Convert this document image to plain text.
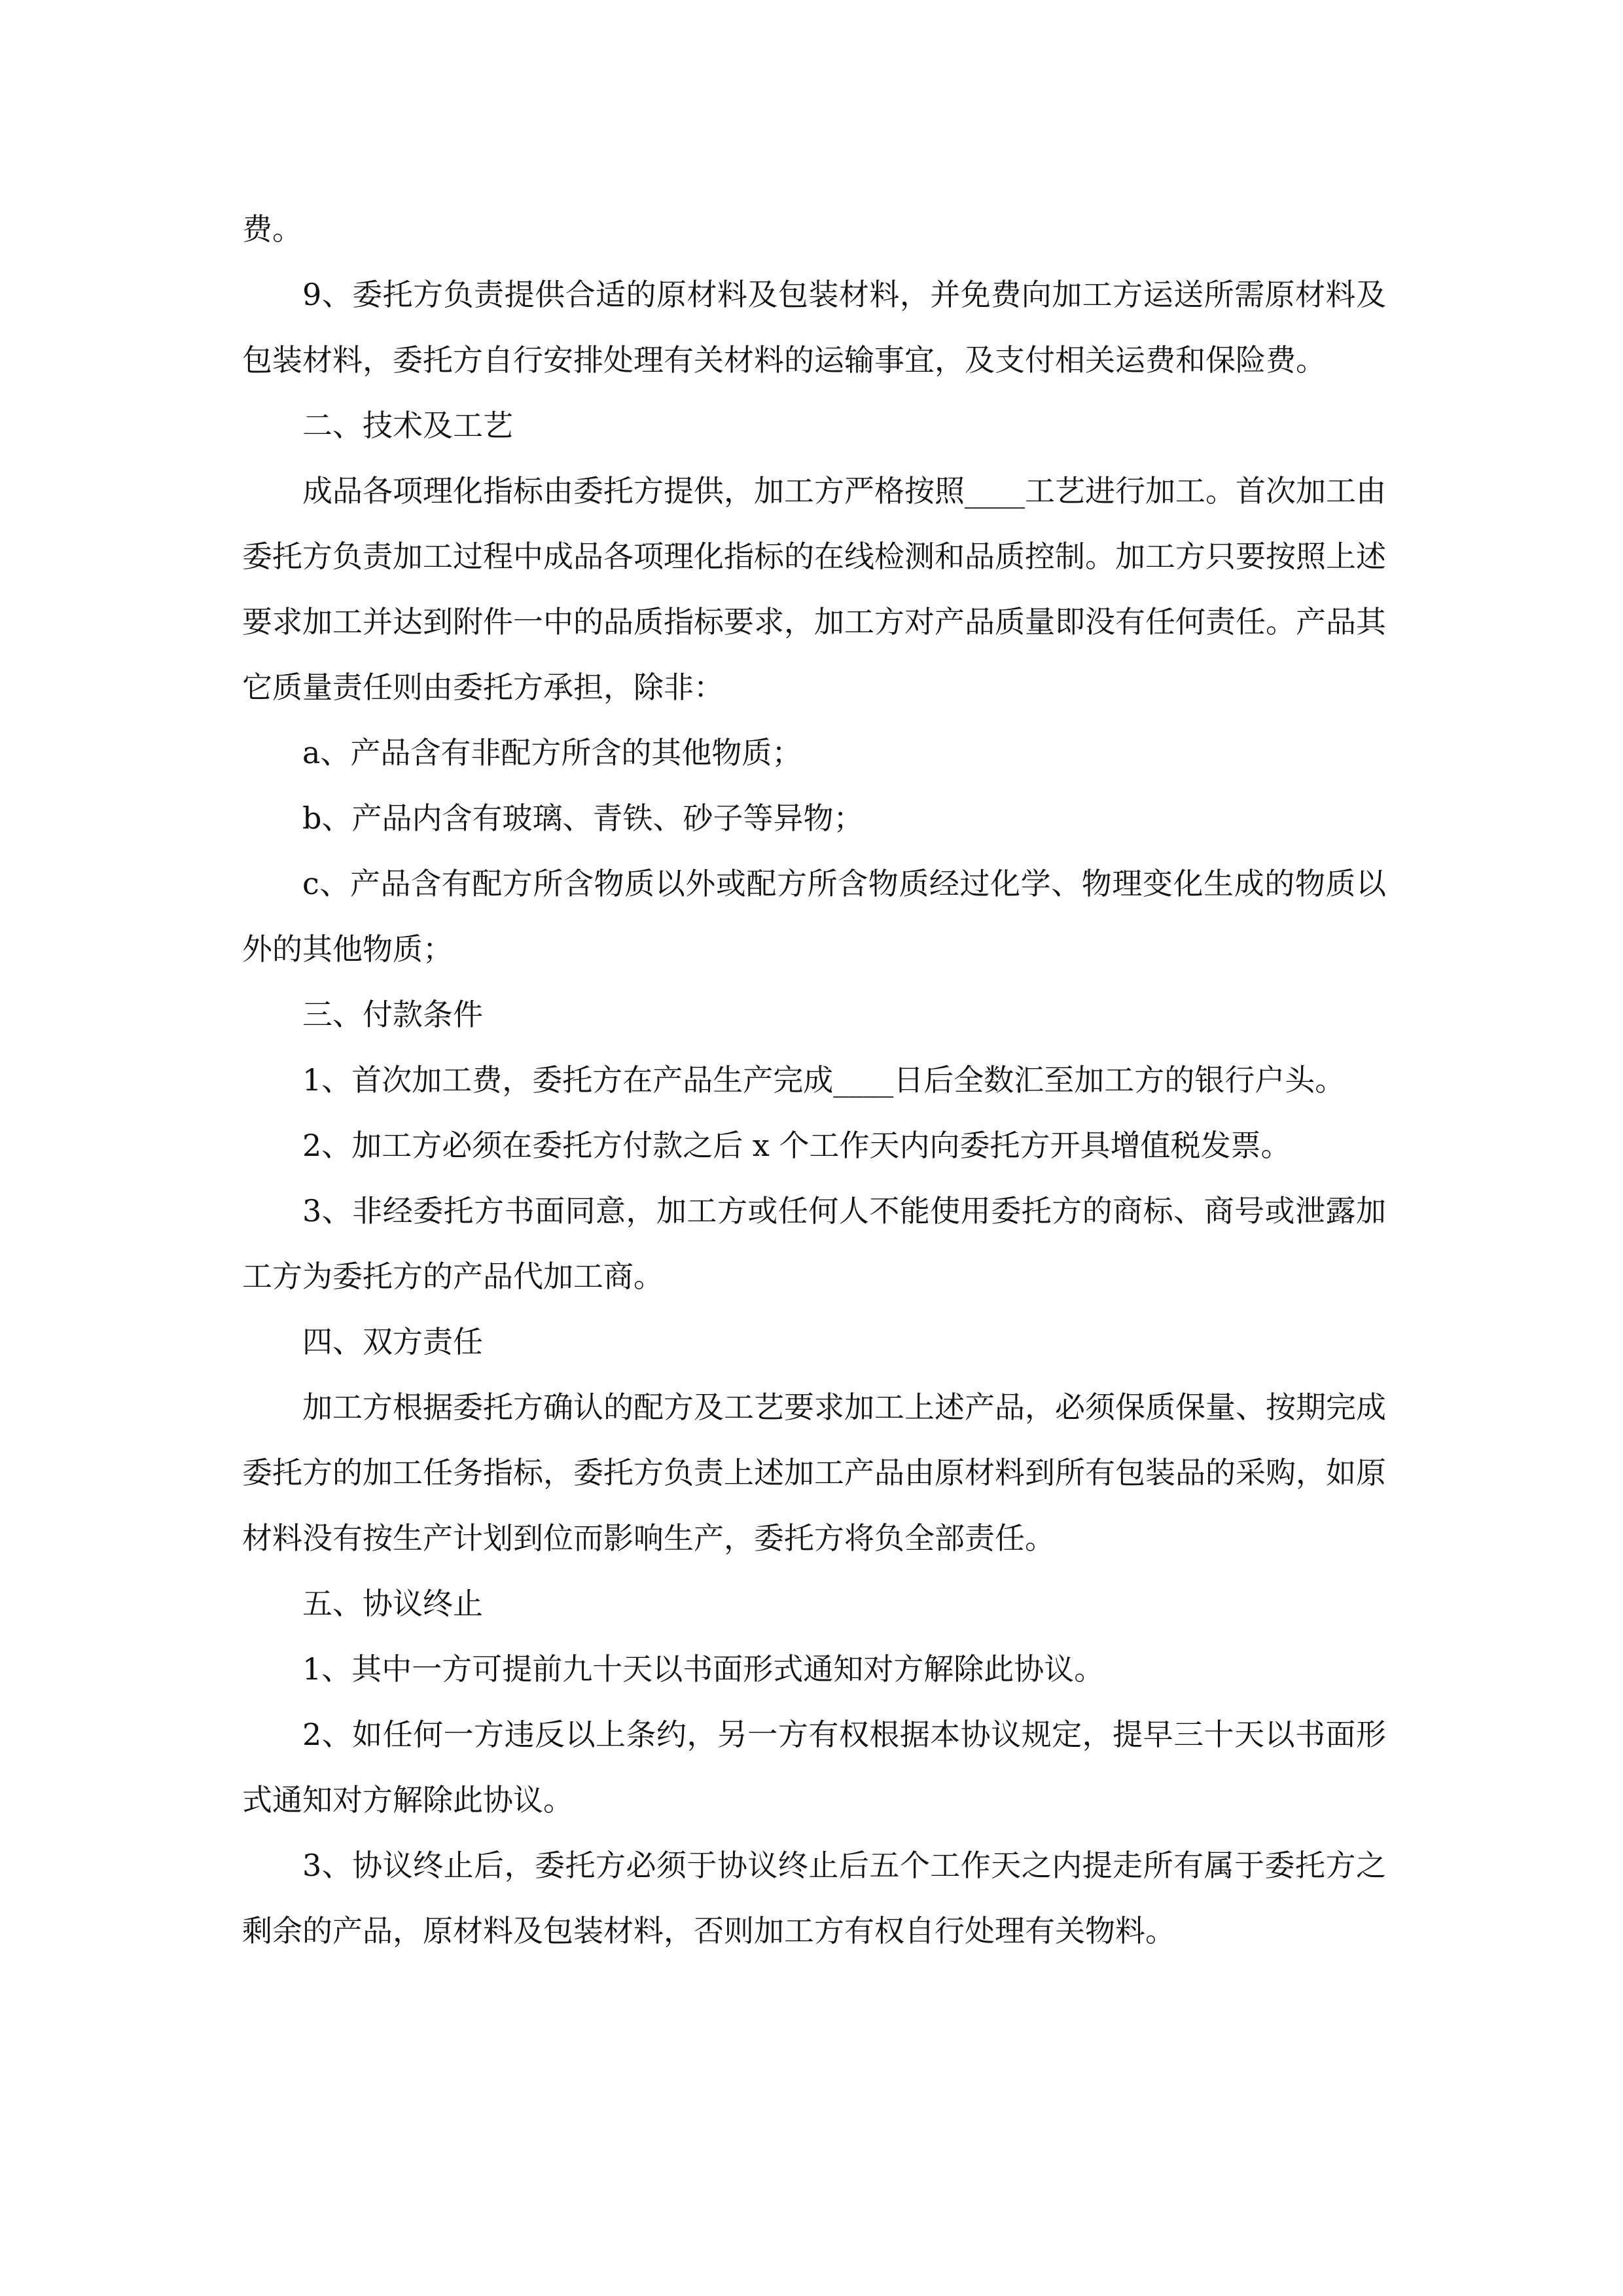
费。

9、委托方负责提供合适的原材料及包装材料，并免费向加工方运送所需原材料及包装材料，委托方自行安排处理有关材料的运输事宜，及支付相关运费和保险费。

二、技术及工艺

成品各项理化指标由委托方提供，加工方严格按照____工艺进行加工。首次加工由委托方负责加工过程中成品各项理化指标的在线检测和品质控制。加工方只要按照上述要求加工并达到附件一中的品质指标要求，加工方对产品质量即没有任何责任。产品其它质量责任则由委托方承担，除非：

a、产品含有非配方所含的其他物质；

b、产品内含有玻璃、青铁、砂子等异物；

c、产品含有配方所含物质以外或配方所含物质经过化学、物理变化生成的物质以外的其他物质；

三、付款条件

1、首次加工费，委托方在产品生产完成____日后全数汇至加工方的银行户头。

2、加工方必须在委托方付款之后 x 个工作天内向委托方开具增值税发票。

3、非经委托方书面同意，加工方或任何人不能使用委托方的商标、商号或泄露加工方为委托方的产品代加工商。

四、双方责任

加工方根据委托方确认的配方及工艺要求加工上述产品，必须保质保量、按期完成委托方的加工任务指标，委托方负责上述加工产品由原材料到所有包装品的采购，如原材料没有按生产计划到位而影响生产，委托方将负全部责任。

五、协议终止

1、其中一方可提前九十天以书面形式通知对方解除此协议。

2、如任何一方违反以上条约，另一方有权根据本协议规定，提早三十天以书面形式通知对方解除此协议。

3、协议终止后，委托方必须于协议终止后五个工作天之内提走所有属于委托方之剩余的产品，原材料及包装材料，否则加工方有权自行处理有关物料。
